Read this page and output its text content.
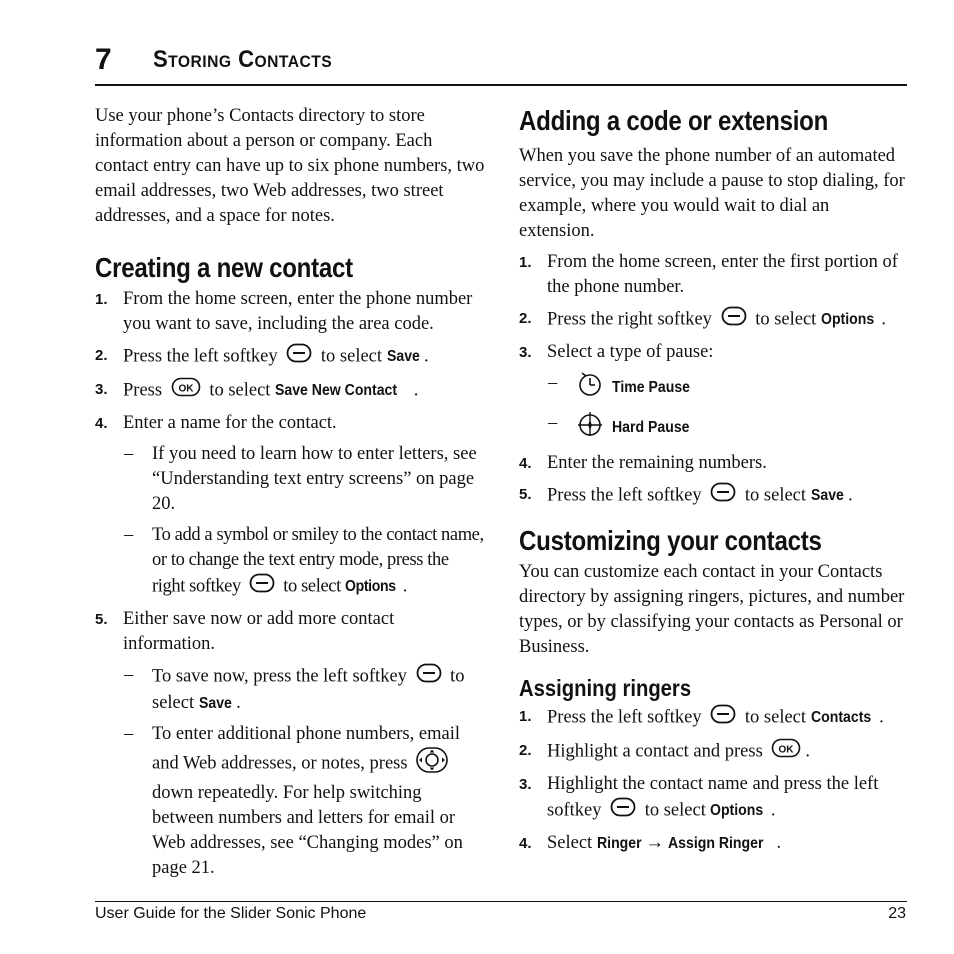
7 Storing Contacts

Use your phone’s Contacts directory to store information about a person or company. Each contact entry can have up to six phone numbers, two email addresses, two Web addresses, two street addresses, and a space for notes.

Creating a new contact
1. From the home screen, enter the phone number you want to save, including the area code.
2. Press the left softkey to select Save .
3. Press OK to select Save New Contact .
4. Enter a name for the contact.
– If you need to learn how to enter letters, see “Understanding text entry screens” on page 20.
– To add a symbol or smiley to the contact name, or to change the text entry mode, press the right softkey to select Options .
5. Either save now or add more contact information.
– To save now, press the left softkey to select Save .
– To enter additional phone numbers, email and Web addresses, or notes, press  down repeatedly. For help switching between numbers and letters for email or Web addresses, see “Changing modes” on page 21.
Adding a code or extension

When you save the phone number of an automated service, you may include a pause to stop dialing, for example, where you would wait to dial an extension.

1. From the home screen, enter the first portion of the phone number.
2. Press the right softkey to select Options .
3. Select a type of pause:
–	Time Pause
–	Hard Pause
4. Enter the remaining numbers.
5. Press the left softkey to select Save .
Customizing your contacts

You can customize each contact in your Contacts directory by assigning ringers, pictures, and number types, or by classifying your contacts as Personal or Business.

Assigning ringers
1. Press the left softkey to select Contacts .
2. Highlight a contact and press OK .
3. Highlight the contact name and press the left softkey to select Options .
4. Select Ringer → Assign Ringer .
User Guide for the Slider Sonic Phone	23
